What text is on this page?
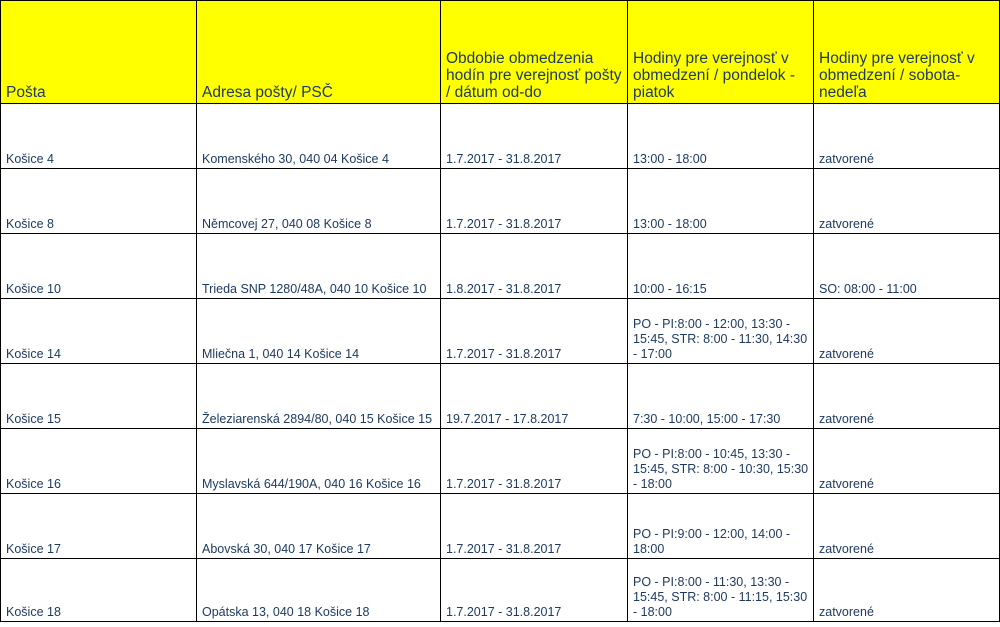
Pošta	Adresa pošty/ PSČ	Obdobie obmedzenia hodín pre verejnosť pošty / dátum od-do	Hodiny pre verejnosť v obmedzení / pondelok - piatok	Hodiny pre verejnosť v obmedzení / sobota-nedeľa
Košice 4	Komenského 30, 040 04 Košice 4	1.7.2017 - 31.8.2017	13:00 - 18:00	zatvorené
Košice 8	Němcovej 27, 040 08 Košice 8	1.7.2017 - 31.8.2017	13:00 - 18:00	zatvorené
Košice 10	Trieda SNP 1280/48A, 040 10 Košice 10	1.8.2017 - 31.8.2017	10:00 - 16:15	SO: 08:00 - 11:00
Košice 14	Mliečna 1, 040 14 Košice 14	1.7.2017 - 31.8.2017	PO - PI:8:00 - 12:00, 13:30 - 15:45, STR: 8:00 - 11:30, 14:30 - 17:00	zatvorené
Košice 15	Železiarenská 2894/80, 040 15 Košice 15	19.7.2017 - 17.8.2017	7:30 - 10:00, 15:00 - 17:30	zatvorené
Košice 16	Myslavská 644/190A, 040 16 Košice 16	1.7.2017 - 31.8.2017	PO - PI:8:00 - 10:45, 13:30 - 15:45, STR: 8:00 - 10:30, 15:30 - 18:00	zatvorené
Košice 17	Abovská 30, 040 17 Košice 17	1.7.2017 - 31.8.2017	PO - PI:9:00 - 12:00, 14:00 - 18:00	zatvorené
Košice 18	Opátska 13, 040 18 Košice 18	1.7.2017 - 31.8.2017	PO - PI:8:00 - 11:30, 13:30 - 15:45, STR: 8:00 - 11:15, 15:30 - 18:00	zatvorené
